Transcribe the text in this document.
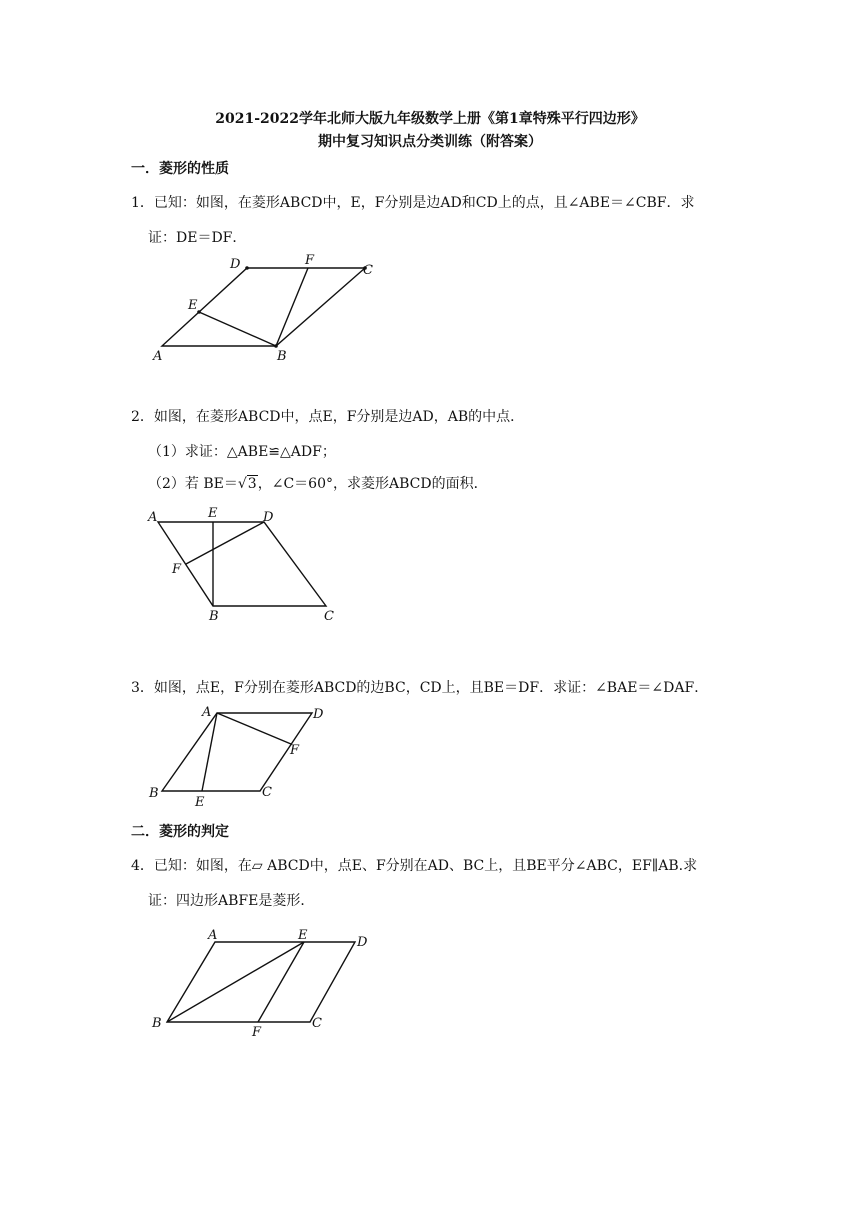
2021-2022学年北师大版九年级数学上册《第1章特殊平行四边形》
期中复习知识点分类训练（附答案）
一．菱形的性质
1．已知：如图，在菱形ABCD中，E，F分别是边AD和CD上的点，且∠ABE＝∠CBF．求
证：DE＝DF．
A	B
C
D
E
F
2．如图，在菱形ABCD中，点E，F分别是边AD，AB的中点．
（1）求证：△ABE≌△ADF；
（2）若 BE＝√3，∠C＝60°，求菱形ABCD的面积．
A	E	D
F
B	C
3．如图，点E，F分别在菱形ABCD的边BC，CD上，且BE＝DF．求证：∠BAE＝∠DAF．
A	D
F
B
E
C
二．菱形的判定
4．已知：如图，在▱ ABCD中，点E、F分别在AD、BC上，且BE平分∠ABC，EF∥AB.求
证：四边形ABFE是菱形．
A	E	D
B
F
C
